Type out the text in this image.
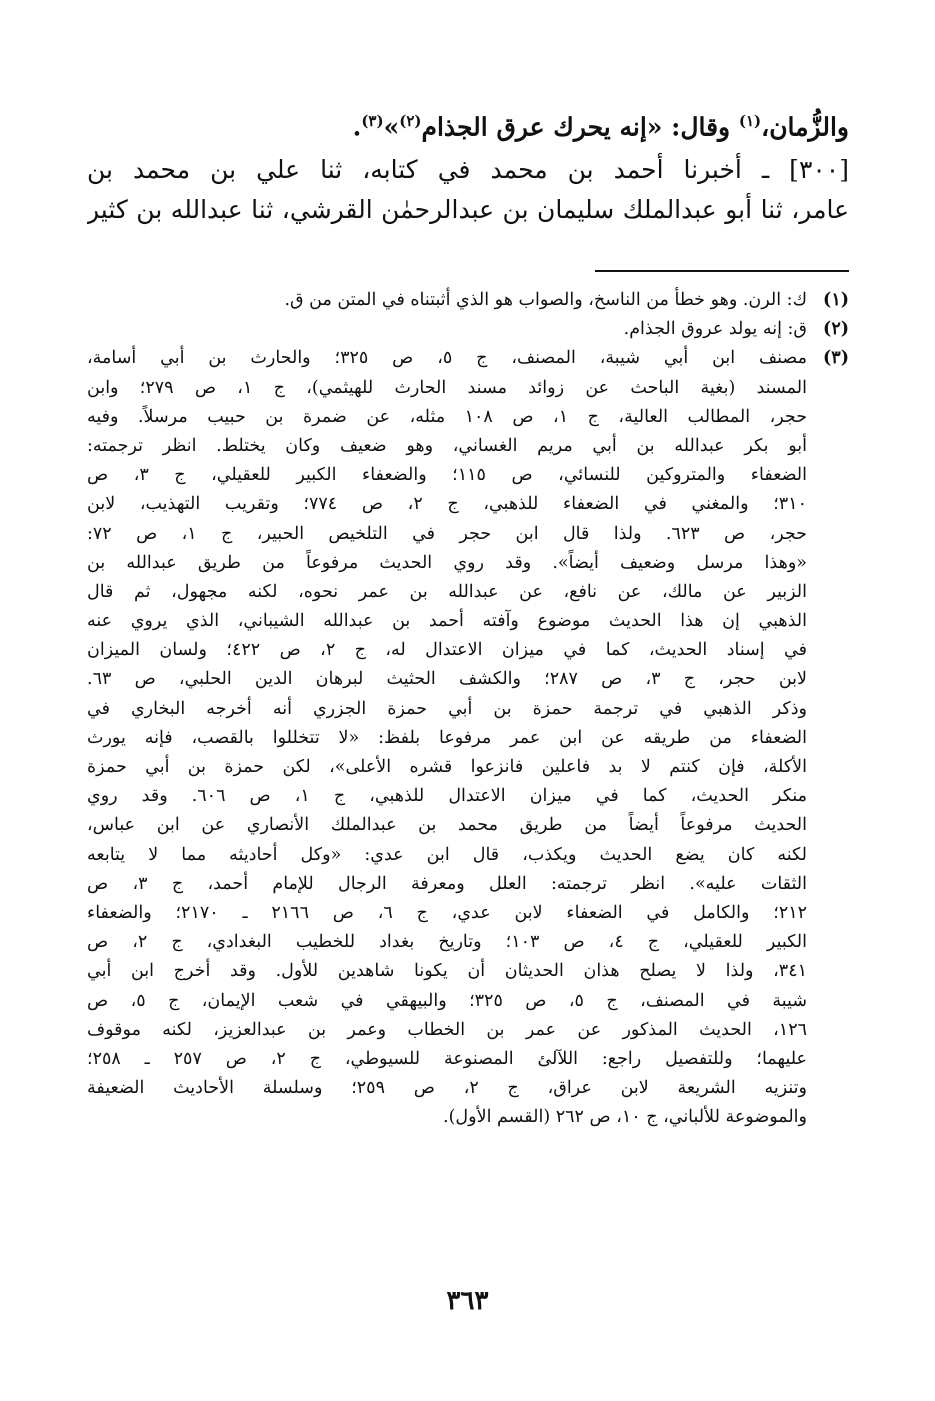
والزُّمان،$^{(١)}$ وقال: «إنه يحرك عرق الجذام$^{(٢)}$»$^{(٣)}$.
[٣٠٠] ـ أخبرنا أحمد بن محمد في كتابه، ثنا علي بن محمد بن
عامر، ثنا أبو عبدالملك سليمان بن عبدالرحمٰن القرشي، ثنا عبدالله بن كثير
(١)ك: الرن. وهو خطأ من الناسخ، والصواب هو الذي أثبتناه في المتن من ق.
(٢)ق: إنه يولد عروق الجذام.
(٣)مصنف ابن أبي شيبة، المصنف، ج ٥، ص ٣٢٥؛ والحارث بن أبي أسامة،
المسند (بغية الباحث عن زوائد مسند الحارث للهيثمي)، ج ١، ص ٢٧٩؛ وابن
حجر، المطالب العالية، ج ١، ص ١٠٨ مثله، عن ضمرة بن حبيب مرسلاً. وفيه
أبو بكر عبدالله بن أبي مريم الغساني، وهو ضعيف وكان يختلط. انظر ترجمته:
الضعفاء والمتروكين للنسائي، ص ١١٥؛ والضعفاء الكبير للعقيلي، ج ٣، ص
٣١٠؛ والمغني في الضعفاء للذهبي، ج ٢، ص ٧٧٤؛ وتقريب التهذيب، لابن
حجر، ص ٦٢٣. ولذا قال ابن حجر في التلخيص الحبير، ج ١، ص ٧٢:
«وهذا مرسل وضعيف أيضاً». وقد روي الحديث مرفوعاً من طريق عبدالله بن
الزبير عن مالك، عن نافع، عن عبدالله بن عمر نحوه، لكنه مجهول، ثم قال
الذهبي إن هذا الحديث موضوع وآفته أحمد بن عبدالله الشيباني، الذي يروي عنه
في إسناد الحديث، كما في ميزان الاعتدال له، ج ٢، ص ٤٢٢؛ ولسان الميزان
لابن حجر، ج ٣، ص ٢٨٧؛ والكشف الحثيث لبرهان الدين الحلبي، ص ٦٣.
وذكر الذهبي في ترجمة حمزة بن أبي حمزة الجزري أنه أخرجه البخاري في
الضعفاء من طريقه عن ابن عمر مرفوعا بلفظ: «لا تتخللوا بالقصب، فإنه يورث
الأكلة، فإن كنتم لا بد فاعلين فانزعوا قشره الأعلى»، لكن حمزة بن أبي حمزة
منكر الحديث، كما في ميزان الاعتدال للذهبي، ج ١، ص ٦٠٦. وقد روي
الحديث مرفوعاً أيضاً من طريق محمد بن عبدالملك الأنصاري عن ابن عباس،
لكنه كان يضع الحديث ويكذب، قال ابن عدي: «وكل أحاديثه مما لا يتابعه
الثقات عليه». انظر ترجمته: العلل ومعرفة الرجال للإمام أحمد، ج ٣، ص
٢١٢؛ والكامل في الضعفاء لابن عدي، ج ٦، ص ٢١٦٦ ـ ٢١٧٠؛ والضعفاء
الكبير للعقيلي، ج ٤، ص ١٠٣؛ وتاريخ بغداد للخطيب البغدادي، ج ٢، ص
٣٤١، ولذا لا يصلح هذان الحديثان أن يكونا شاهدين للأول. وقد أخرج ابن أبي
شيبة في المصنف، ج ٥، ص ٣٢٥؛ والبيهقي في شعب الإيمان، ج ٥، ص
١٢٦، الحديث المذكور عن عمر بن الخطاب وعمر بن عبدالعزيز، لكنه موقوف
عليهما؛ وللتفصيل راجع: اللآلئ المصنوعة للسيوطي، ج ٢، ص ٢٥٧ ـ ٢٥٨؛
وتنزيه الشريعة لابن عراق، ج ٢، ص ٢٥٩؛ وسلسلة الأحاديث الضعيفة
والموضوعة للألباني، ج ١٠، ص ٢٦٢ (القسم الأول).
٣٦٣
